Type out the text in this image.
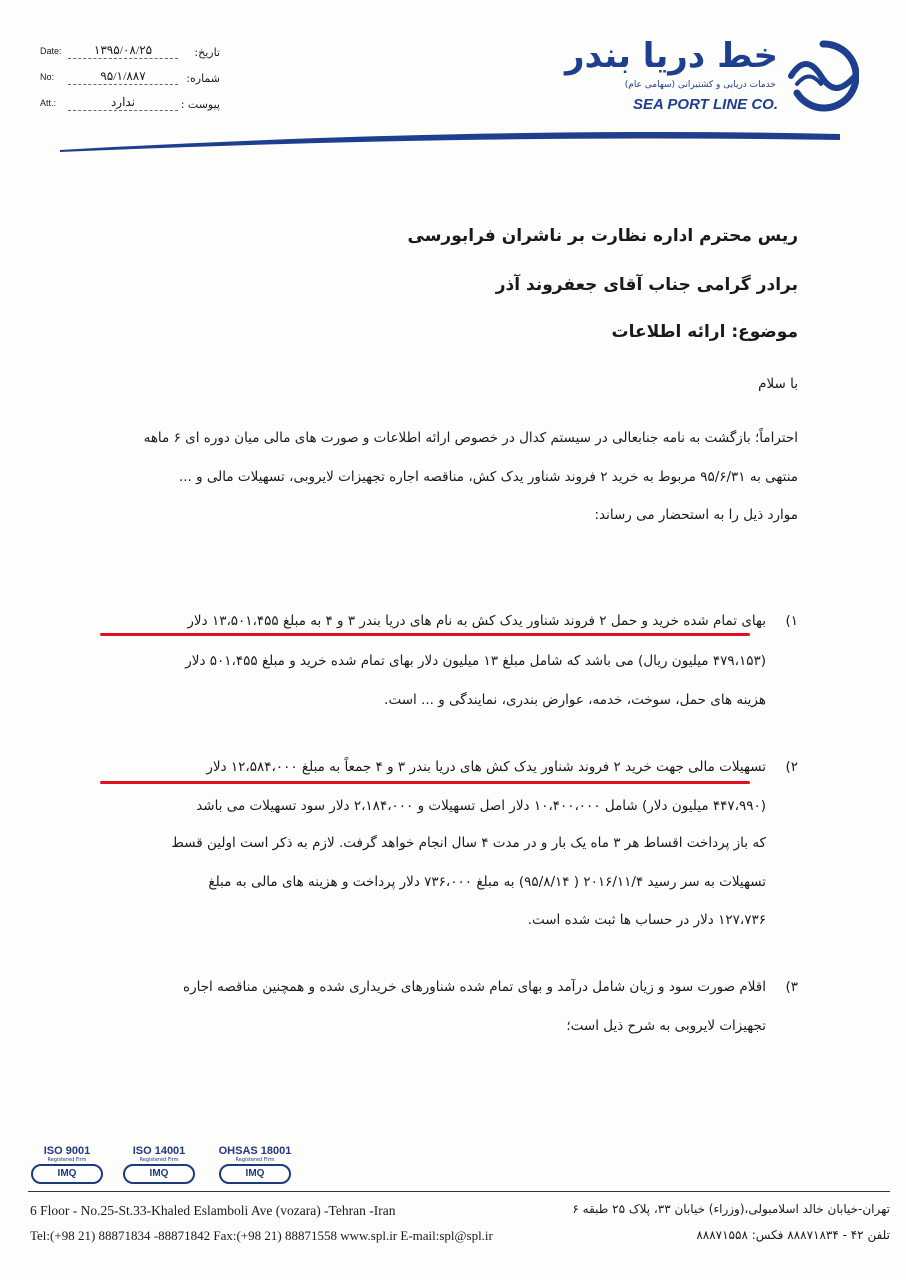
Date:	۱۳۹۵/۰۸/۲۵	تاریخ:
No:	۹۵/۱/۸۸۷	شماره:
Att.:	ندارد	پیوست :
خط دریا بندر
خدمات دریایی و کشتیرانی (سهامی عام)
SEA PORT LINE CO.
ریس محترم اداره نظارت بر ناشران فرابورسی
برادر گرامی جناب آقای جعفروند آذر
موضوع: ارائه اطلاعات
با سلام
احتراماً؛ بازگشت به نامه جنابعالی در سیستم کدال در خصوص ارائه اطلاعات و صورت های مالی میان دوره ای ۶ ماهه
منتهی به ۹۵/۶/۳۱ مربوط به خرید ۲ فروند شناور یدک کش، مناقصه اجاره تجهیزات لایروبی، تسهیلات مالی و ...
موارد ذیل را به استحضار می رساند:
۱)
بهای تمام شده خرید و حمل ۲ فروند شناور یدک کش به نام های دریا بندر ۳ و ۴ به مبلغ ۱۳،۵۰۱،۴۵۵ دلار
(۴۷۹،۱۵۳ میلیون ریال) می باشد که شامل مبلغ ۱۳ میلیون دلار بهای تمام شده خرید و مبلغ ۵۰۱،۴۵۵ دلار
هزینه های حمل، سوخت، خدمه، عوارض بندری، نمایندگی و ... است.
۲)
تسهیلات مالی جهت خرید ۲ فروند شناور یدک کش های دریا بندر ۳ و ۴ جمعاً به مبلغ ۱۲،۵۸۴،۰۰۰ دلار
(۴۴۷،۹۹۰ میلیون دلار) شامل ۱۰،۴۰۰،۰۰۰ دلار اصل تسهیلات و ۲،۱۸۴،۰۰۰ دلار سود تسهیلات می باشد
که باز پرداخت اقساط هر ۳ ماه یک بار و در مدت ۴ سال انجام خواهد گرفت. لازم به ذکر است اولین قسط
تسهیلات به سر رسید ۲۰۱۶/۱۱/۴ ( ۹۵/۸/۱۴) به مبلغ ۷۳۶،۰۰۰ دلار پرداخت و هزینه های مالی به مبلغ
۱۲۷،۷۳۶ دلار در حساب ها ثبت شده است.
۳)
اقلام صورت سود و زیان شامل درآمد و بهای تمام شده شناورهای خریداری شده و همچنین مناقصه اجاره
تجهیزات لایروبی به شرح ذیل است؛
ISO 9001
Registered Firm
IMQ
ISO 14001
Registered Firm
IMQ
OHSAS 18001
Registered Firm
IMQ
6 Floor - No.25-St.33-Khaled Eslamboli Ave (vozara) -Tehran -Iran
Tel:(+98 21) 88871834 -88871842 Fax:(+98 21) 88871558 www.spl.ir E-mail:spl@spl.ir
تهران-خیابان خالد اسلامبولی،(وزراء) خیابان ۳۳، پلاک ۲۵ طبقه ۶
تلفن ۴۲ - ۸۸۸۷۱۸۳۴ فکس: ۸۸۸۷۱۵۵۸
